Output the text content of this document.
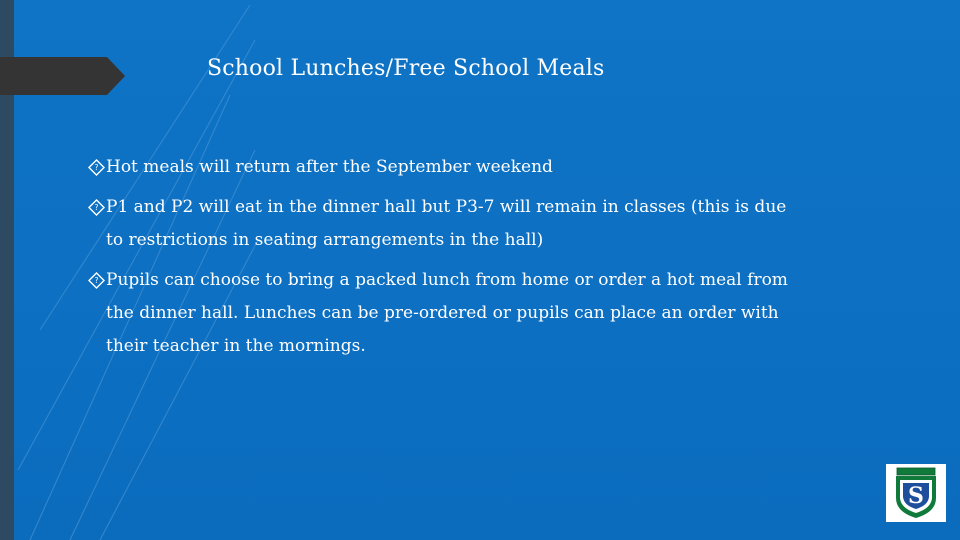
School Lunches/Free School Meals
? Hot meals will return after the September weekend
? P1 and P2 will eat in the dinner hall but P3-7 will remain in classes (this is due to restrictions in seating arrangements in the hall)
? Pupils can choose to bring a packed lunch from home or order a hot meal from the dinner hall. Lunches can be pre-ordered or pupils can place an order with their teacher in the mornings.
S
